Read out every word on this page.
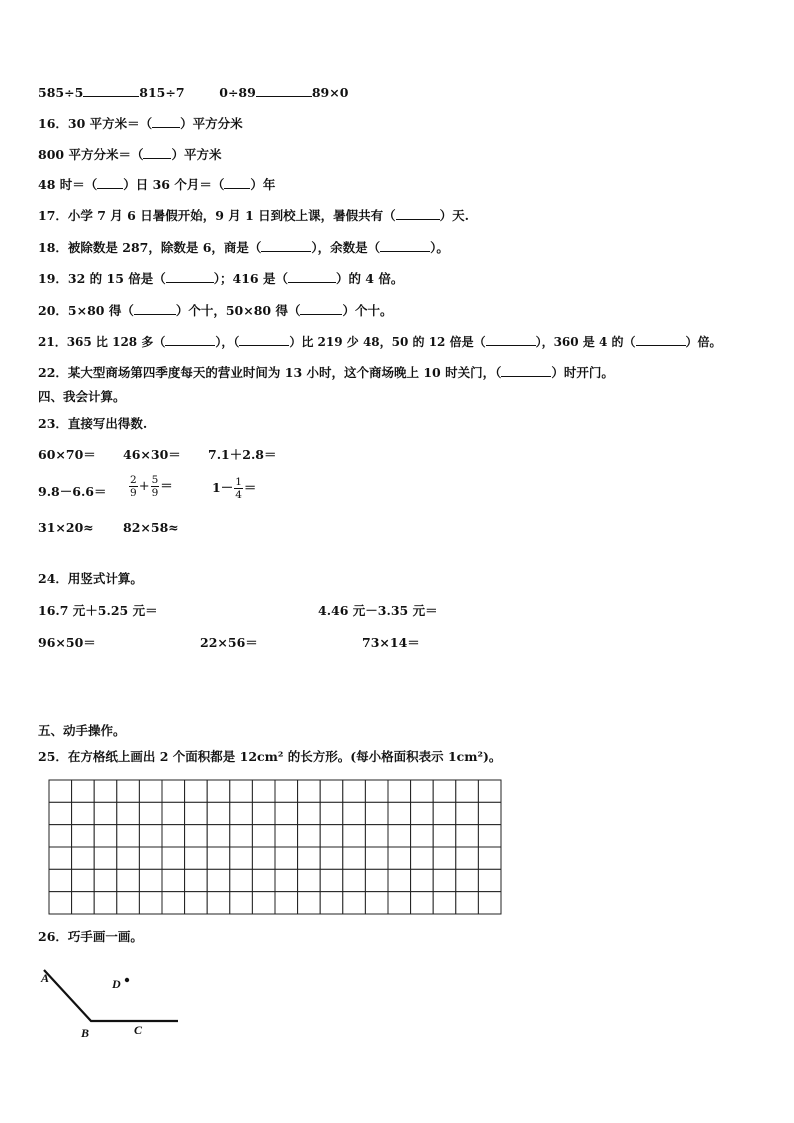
585÷5	815÷7	0÷89	89×0
16．30 平方米＝（ ）平方分米
800 平方分米＝（ ）平方米
48 时＝（ ）日 36 个月＝（ ）年
17．小学 7 月 6 日暑假开始，9 月 1 日到校上课，暑假共有（	）天.
18．被除数是 287，除数是 6，商是（	），余数是（	）。
19．32 的 15 倍是（	）；416 是（	）的 4 倍。
20．5×80 得（	）个十，50×80 得（	）个十。
21．365 比 128 多（	），（	）比 219 少 48，50 的 12 倍是（	），360 是 4 的（	）倍。
22．某大型商场第四季度每天的营业时间为 13 小时，这个商场晚上 10 时关门，（	）时开门。
四、我会计算。
23．直接写出得数.
60×70＝ 46×30＝ 7.1＋2.8＝
$9.8-6.6= \frac{2}{9} + \frac{5}{9}$ ＝	$1- \frac{1}{4}$ ＝
31×20≈ 82×58≈
24．用竖式计算。
16.7 元＋5.25 元＝	4.46 元－3.35 元＝
96×50＝	22×56＝	73×14＝
五、动手操作。
25．在方格纸上画出 2 个面积都是 12cm² 的长方形。(每小格面积表示 1cm²)。
26．巧手画一画。
A
B	C
D
